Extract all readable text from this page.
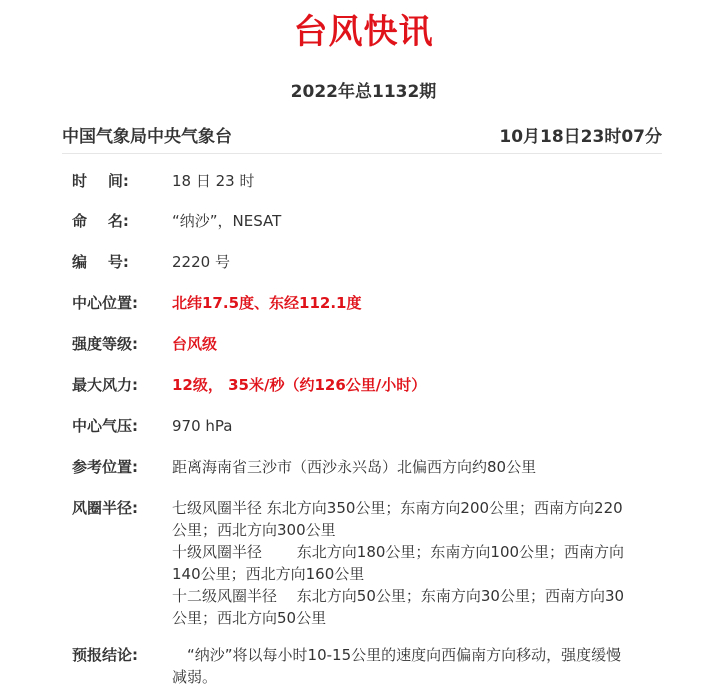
台风快讯
2022年总1132期
中国气象局中央气象台	10月18日23时07分
时    间:	18 日 23 时
命    名:	“纳沙”，NESAT
编    号:	2220 号
中心位置:	北纬17.5度、东经112.1度
强度等级:	台风级
最大风力:	12级， 35米/秒（约126公里/小时）
中心气压:	970 hPa
参考位置:	距离海南省三沙市（西沙永兴岛）北偏西方向约80公里
风圈半径:	七级风圈半径 东北方向350公里；东南方向200公里；西南方向220
公里；西北方向300公里
十级风圈半径 　　东北方向180公里；东南方向100公里；西南方向
140公里；西北方向160公里
十二级风圈半径 　东北方向50公里；东南方向30公里；西南方向30
公里；西北方向50公里
预报结论:	　“纳沙”将以每小时10-15公里的速度向西偏南方向移动，强度缓慢
减弱。
